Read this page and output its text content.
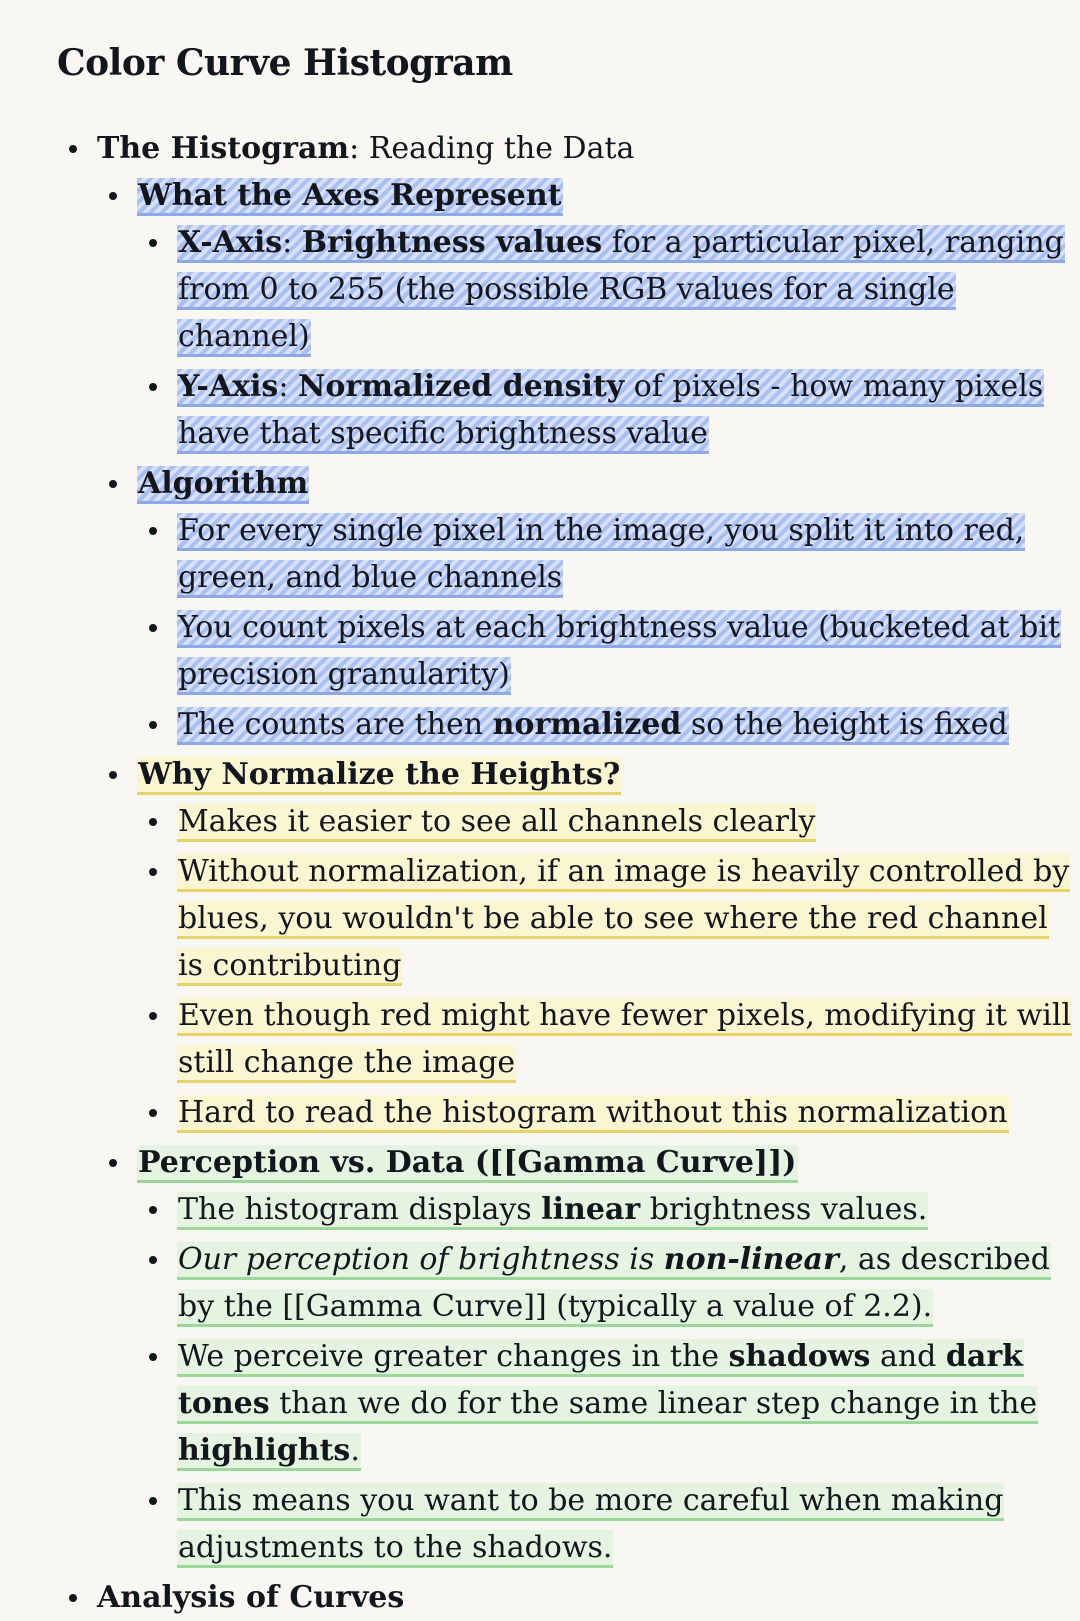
Color Curve Histogram
The Histogram: Reading the Data
What the Axes Represent
X-Axis: Brightness values for a particular pixel, ranging from 0 to 255 (the possible RGB values for a single channel)
Y-Axis: Normalized density of pixels - how many pixels have that specific brightness value
Algorithm
For every single pixel in the image, you split it into red, green, and blue channels
You count pixels at each brightness value (bucketed at bit precision granularity)
The counts are then normalized so the height is fixed
Why Normalize the Heights?
Makes it easier to see all channels clearly
Without normalization, if an image is heavily controlled by blues, you wouldn't be able to see where the red channel is contributing
Even though red might have fewer pixels, modifying it will still change the image
Hard to read the histogram without this normalization
Perception vs. Data ([[Gamma Curve]])
The histogram displays linear brightness values.
Our perception of brightness is non-linear, as described by the [[Gamma Curve]] (typically a value of 2.2).
We perceive greater changes in the shadows and dark tones than we do for the same linear step change in the highlights.
This means you want to be more careful when making adjustments to the shadows.
Analysis of Curves
